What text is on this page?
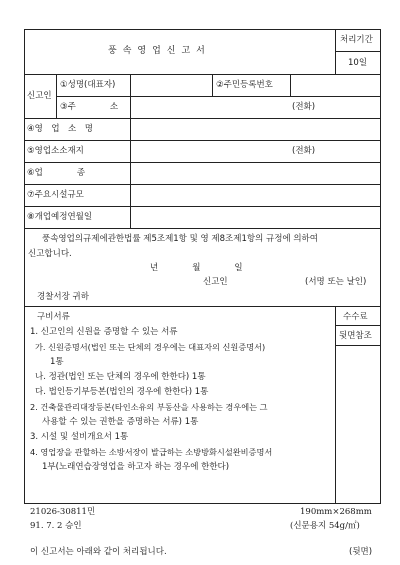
풍속영업신고서
처리기간
10일
신고인
①성명(대표자)	②주민등록번호
③주　　　　소	(전화)
④영　업　소　명
⑤영업소소재지	(전화)
⑥업　　　　종
⑦주요시설규모
⑧개업예정연월일
풍속영업의규제에관한법률 제5조제1항 및 영 제8조제1항의 규정에 의하여
신고합니다.
년　　　　월　　　　일
신고인	(서명 또는 날인)
경찰서장 귀하
구비서류	수수료
뒷면참조
1. 신고인의 신원을 증명할 수 있는 서류
가. 신원증명서(법인 또는 단체의 경우에는 대표자의 신원증명서)
1통
나. 정관(법인 또는 단체의 경우에 한한다) 1통
다. 법인등기부등본(법인의 경우에 한한다) 1통
2. 건축물관리대장등본(타인소유의 부동산을 사용하는 경우에는 그
사용할 수 있는 권한을 증명하는 서류) 1통
3. 시설 및 설비개요서 1통
4. 영업장을 관할하는 소방서장이 발급하는 소방방화시설완비증명서
1부(노래연습장영업을 하고자 하는 경우에 한한다)
21026-30811민	190mm×268mm
91. 7. 2 승인	(신문용지 54g/㎡)
이 신고서는 아래와 같이 처리됩니다.	(뒷면)
